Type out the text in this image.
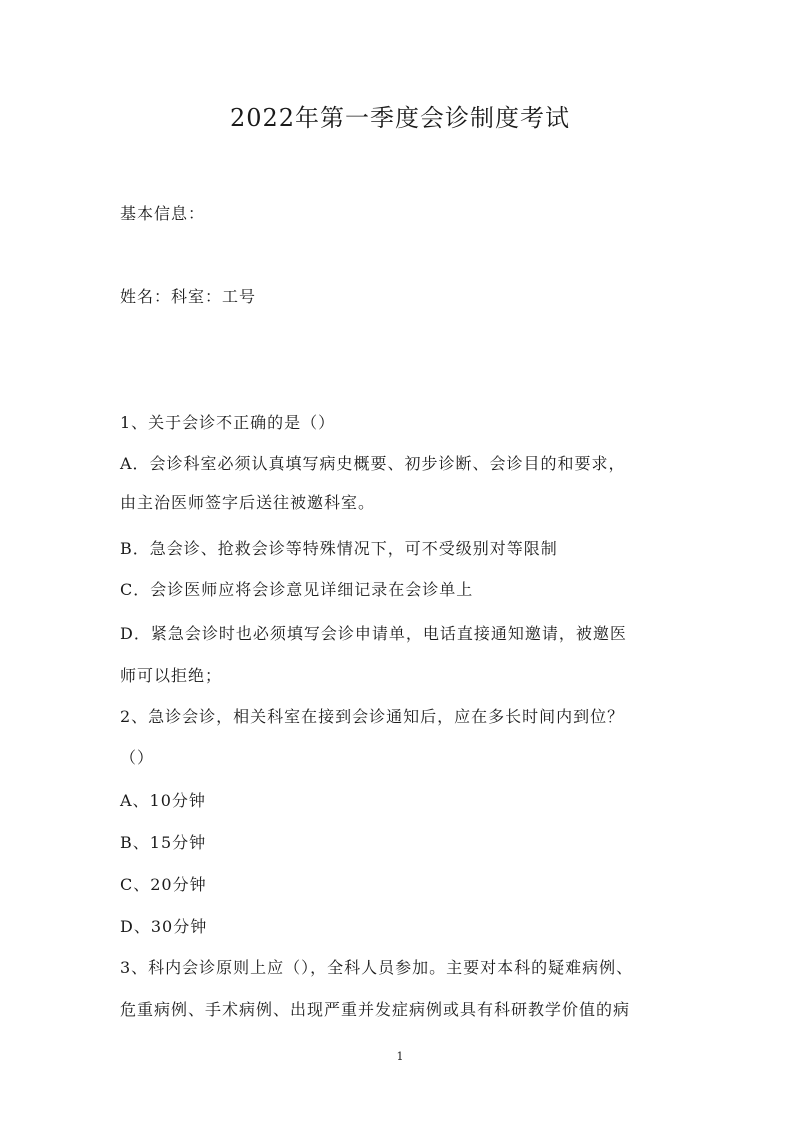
2022年第一季度会诊制度考试
基本信息：
姓名：科室：工号
1、关于会诊不正确的是（）
A．会诊科室必须认真填写病史概要、初步诊断、会诊目的和要求，
由主治医师签字后送往被邀科室。
B．急会诊、抢救会诊等特殊情况下，可不受级别对等限制
C．会诊医师应将会诊意见详细记录在会诊单上
D．紧急会诊时也必须填写会诊申请单，电话直接通知邀请，被邀医
师可以拒绝；
2、急诊会诊，相关科室在接到会诊通知后，应在多长时间内到位？
（）
A、10分钟
B、15分钟
C、20分钟
D、30分钟
3、科内会诊原则上应（），全科人员参加。主要对本科的疑难病例、
危重病例、手术病例、出现严重并发症病例或具有科研教学价值的病
1
